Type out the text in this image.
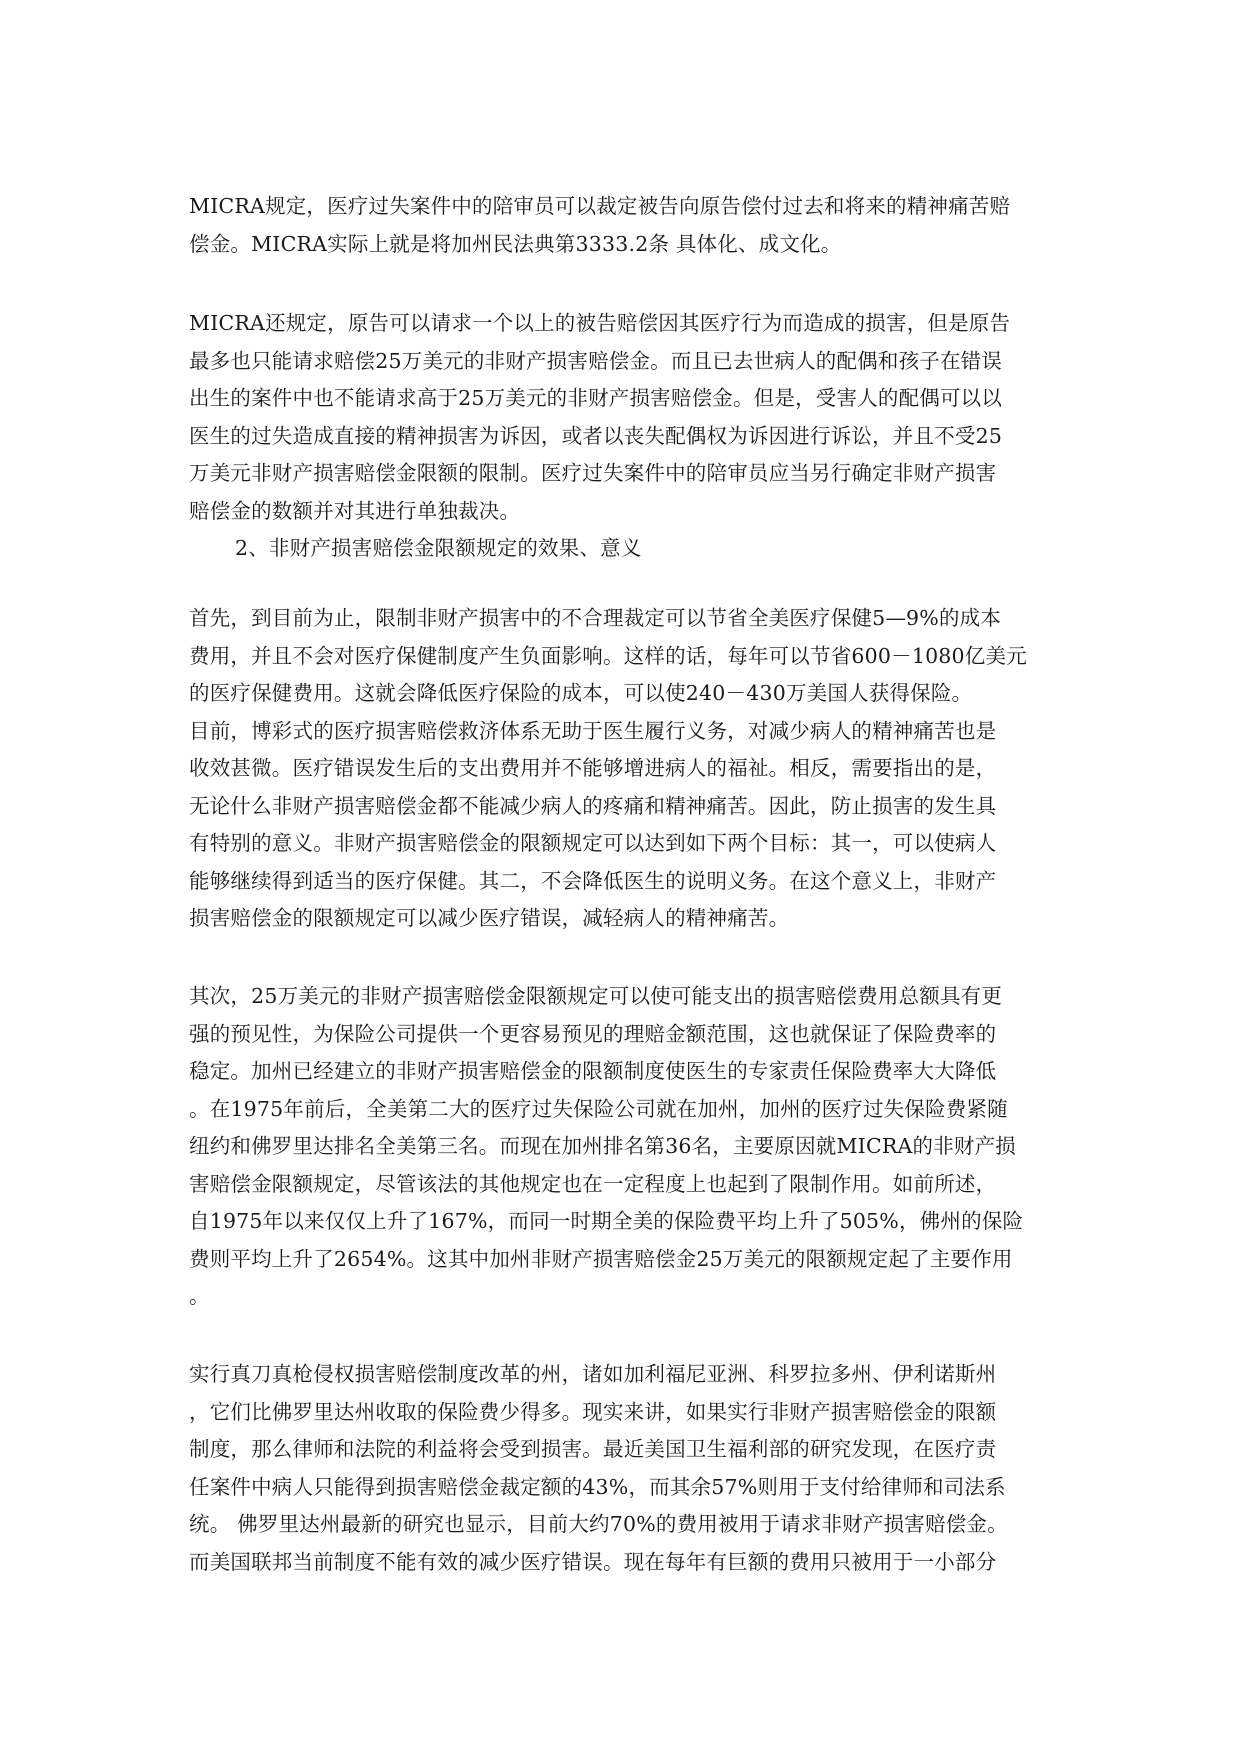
MICRA规定，医疗过失案件中的陪审员可以裁定被告向原告偿付过去和将来的精神痛苦赔
偿金。MICRA实际上就是将加州民法典第3333.2条 具体化、成文化。
MICRA还规定，原告可以请求一个以上的被告赔偿因其医疗行为而造成的损害，但是原告
最多也只能请求赔偿25万美元的非财产损害赔偿金。而且已去世病人的配偶和孩子在错误
出生的案件中也不能请求高于25万美元的非财产损害赔偿金。但是，受害人的配偶可以以
医生的过失造成直接的精神损害为诉因，或者以丧失配偶权为诉因进行诉讼，并且不受25
万美元非财产损害赔偿金限额的限制。医疗过失案件中的陪审员应当另行确定非财产损害
赔偿金的数额并对其进行单独裁决。
2、非财产损害赔偿金限额规定的效果、意义
首先，到目前为止，限制非财产损害中的不合理裁定可以节省全美医疗保健5—9%的成本
费用，并且不会对医疗保健制度产生负面影响。这样的话，每年可以节省600－1080亿美元
的医疗保健费用。这就会降低医疗保险的成本，可以使240－430万美国人获得保险。
目前，博彩式的医疗损害赔偿救济体系无助于医生履行义务，对减少病人的精神痛苦也是
收效甚微。医疗错误发生后的支出费用并不能够增进病人的福祉。相反，需要指出的是，
无论什么非财产损害赔偿金都不能减少病人的疼痛和精神痛苦。因此，防止损害的发生具
有特别的意义。非财产损害赔偿金的限额规定可以达到如下两个目标：其一，可以使病人
能够继续得到适当的医疗保健。其二，不会降低医生的说明义务。在这个意义上，非财产
损害赔偿金的限额规定可以减少医疗错误，减轻病人的精神痛苦。
其次，25万美元的非财产损害赔偿金限额规定可以使可能支出的损害赔偿费用总额具有更
强的预见性，为保险公司提供一个更容易预见的理赔金额范围，这也就保证了保险费率的
稳定。加州已经建立的非财产损害赔偿金的限额制度使医生的专家责任保险费率大大降低
。在1975年前后，全美第二大的医疗过失保险公司就在加州，加州的医疗过失保险费紧随
纽约和佛罗里达排名全美第三名。而现在加州排名第36名，主要原因就MICRA的非财产损
害赔偿金限额规定，尽管该法的其他规定也在一定程度上也起到了限制作用。如前所述，
自1975年以来仅仅上升了167%，而同一时期全美的保险费平均上升了505%，佛州的保险
费则平均上升了2654%。这其中加州非财产损害赔偿金25万美元的限额规定起了主要作用
。
实行真刀真枪侵权损害赔偿制度改革的州，诸如加利福尼亚洲、科罗拉多州、伊利诺斯州
，它们比佛罗里达州收取的保险费少得多。现实来讲，如果实行非财产损害赔偿金的限额
制度，那么律师和法院的利益将会受到损害。最近美国卫生福利部的研究发现，在医疗责
任案件中病人只能得到损害赔偿金裁定额的43%，而其余57%则用于支付给律师和司法系
统。 佛罗里达州最新的研究也显示，目前大约70%的费用被用于请求非财产损害赔偿金。
而美国联邦当前制度不能有效的减少医疗错误。现在每年有巨额的费用只被用于一小部分
